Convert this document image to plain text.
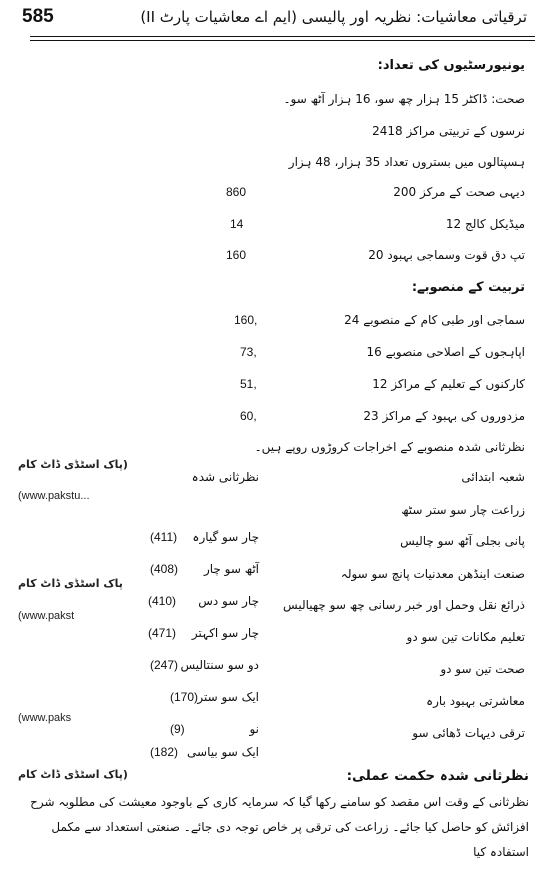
585	ترقیاتی معاشیات: نظریہ اور پالیسی (ایم اے معاشیات پارٹ II)
یونیورسٹیوں کی تعداد:
صحت: ڈاکٹر 15 ہزار چھ سو، 16 ہزار آٹھ سو۔
نرسوں کے تربیتی مراکز 2418
ہسپتالوں میں بستروں تعداد 35 ہزار، 48 ہزار
دیہی صحت کے مرکز 200
860
میڈیکل کالج 12
14
تپ دق قوت وسماجی بہبود 20
160
تربیت کے منصوبے:
سماجی اور طبی کام کے منصوبے 24
160,
اپاہجوں کے اصلاحی منصوبے 16
73,
کارکنوں کے تعلیم کے مراکز 12
51,
مزدوروں کی بہبود کے مراکز 23
60,
نظرثانی شدہ منصوبے کے اخراجات کروڑوں روپے ہیں۔
(پاک اسٹڈی ڈاٹ کام
شعبہ ابتدائی
نظرثانی شدہ
(www.pakstu...
زراعت چار سو ستر سٹھ
پانی بجلی آٹھ سو چالیس
چار سو گیارہ
(411)
صنعت اینڈھن معدنیات پانچ سو سولہ
آٹھ سو چار
(408)
پاک اسٹڈی ڈاٹ کام
ذرائع نقل وحمل اور خبر رسانی چھ سو چھیالیس
چار سو دس
(410)
(www.pakst
تعلیم مکانات تین سو دو
چار سو اکہتر
(471)
صحت تین سو دو
دو سو سنتالیس
(247)
معاشرتی بہبود بارہ
ایک سو ستر
(170)
(www.paks
ترقی دیہات ڈھائی سو
نو
(9)
ایک سو بیاسی
(182)
نظرثانی شدہ حکمت عملی:
(پاک اسٹڈی ڈاٹ کام
نظرثانی کے وقت اس مقصد کو سامنے رکھا گیا کہ سرمایہ کاری کے باوجود معیشت کی مطلوبہ شرح افزائش کو حاصل کیا جائے۔ زراعت کی ترقی پر خاص توجہ دی جائے۔ صنعتی استعداد سے مکمل استفادہ کیا
